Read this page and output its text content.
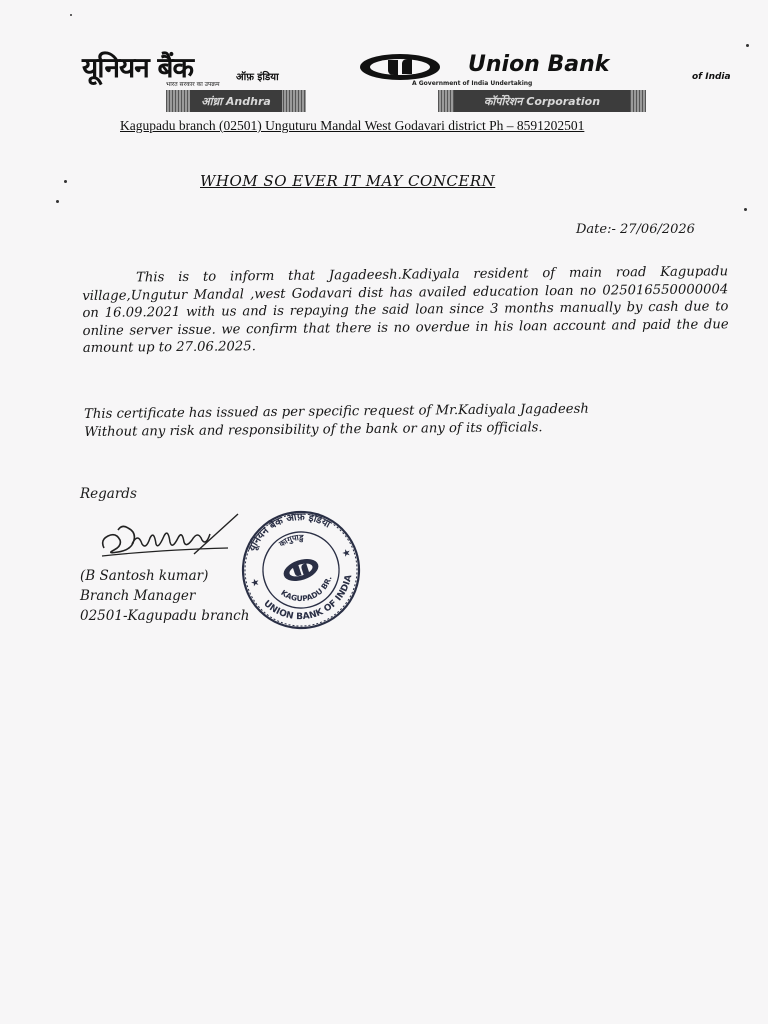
यूनियन बैंक	ऑफ़ इंडिया
Union Bank	of India
भारत सरकार का उपक्रम	A Government of India Undertaking
आंध्रा Andhra	कॉर्पोरेशन Corporation
Kagupadu branch (02501) Unguturu Mandal West Godavari district Ph – 8591202501
WHOM SO EVER IT MAY CONCERN
Date:- 27/06/2026
This is to inform that Jagadeesh.Kadiyala resident of main road Kagupadu village,Ungutur Mandal ,west Godavari dist has availed education loan no 025016550000004 on 16.09.2021 with us and is repaying the said loan since 3 months manually by cash due to online server issue. we confirm that there is no overdue in his loan account and paid the due amount up to 27.06.2025.
This certificate has issued as per specific request of Mr.Kadiyala Jagadeesh
Without any risk and responsibility of the bank or any of its officials.
Regards
(B Santosh kumar)
Branch Manager
02501-Kagupadu branch
यूनियन बैंक ऑफ़ इंडिया
UNION BANK OF INDIA
कागुपाडु
KAGUPADU BR.
★
★
